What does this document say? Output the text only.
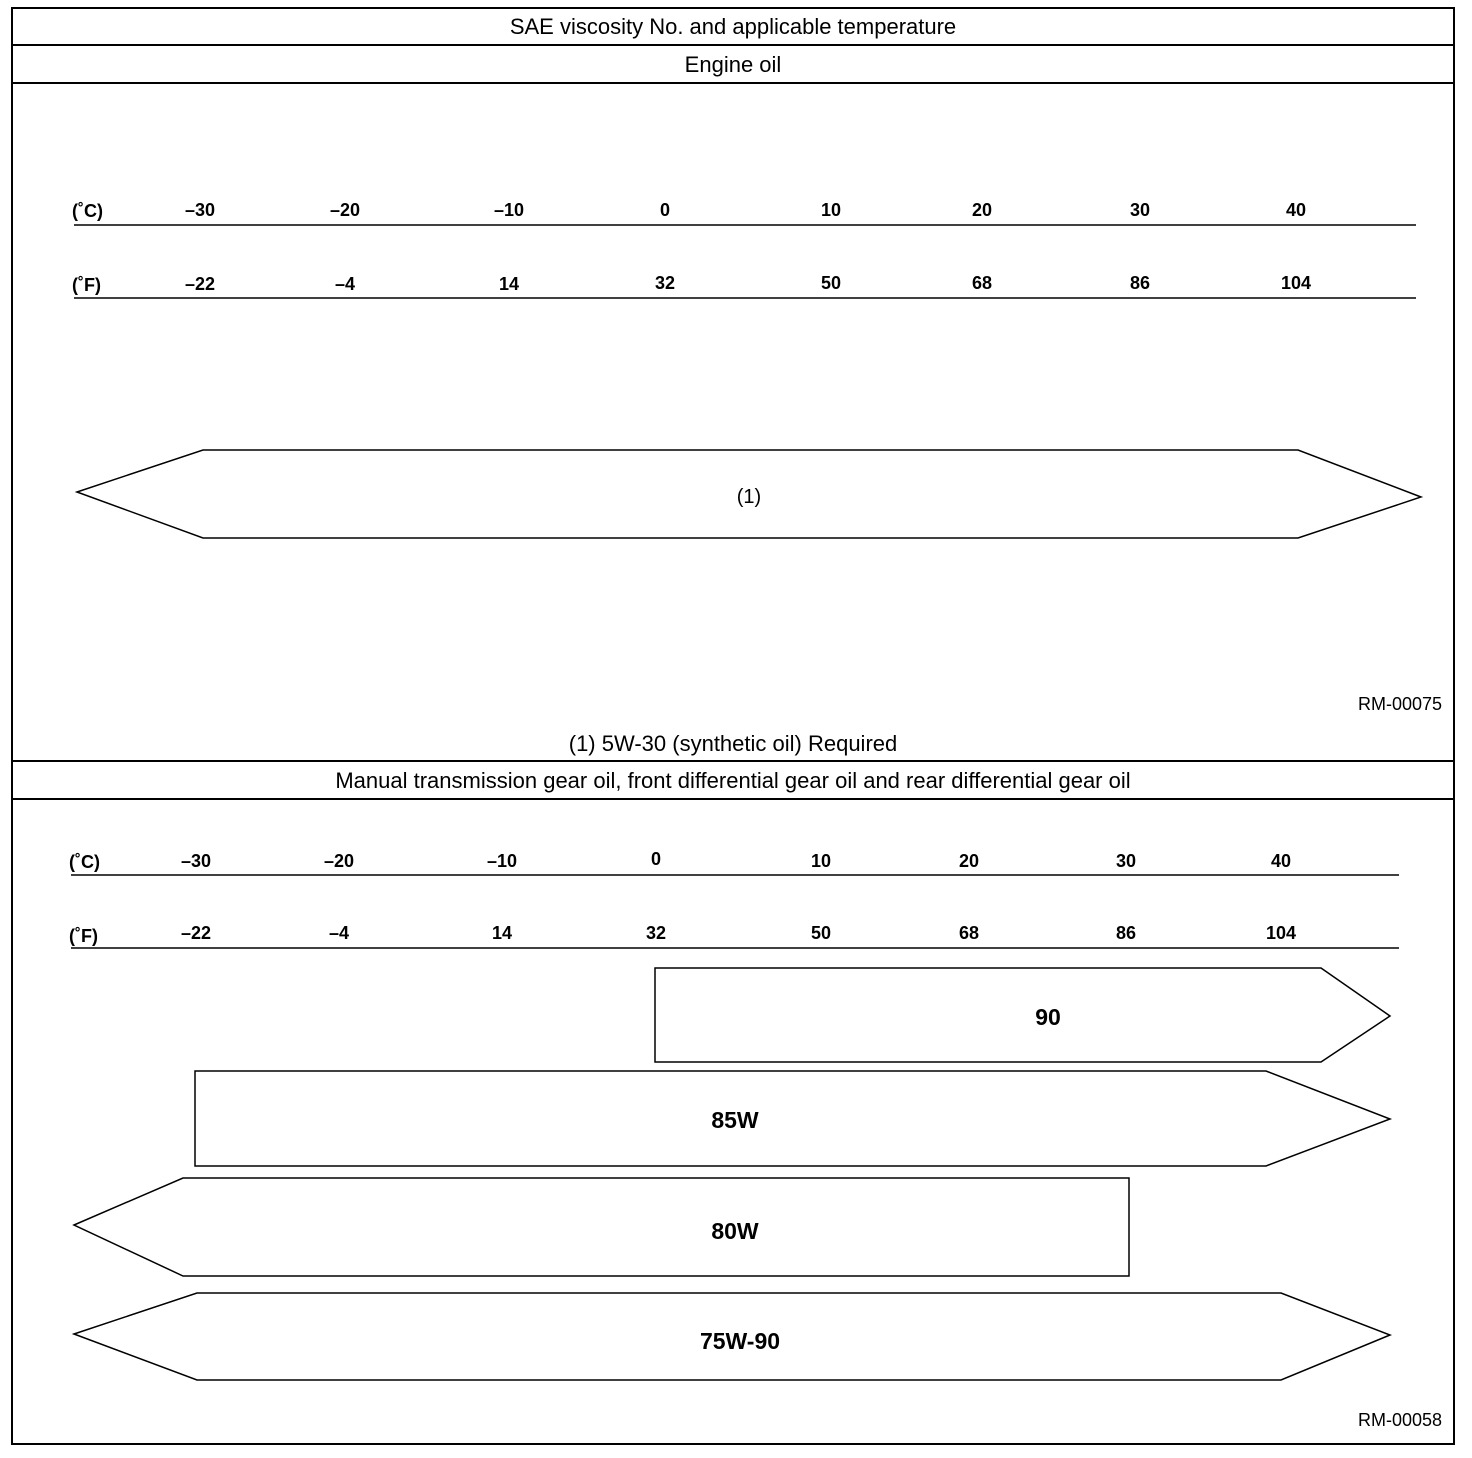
SAE viscosity No. and applicable temperature
Engine oil
(1) 5W-30 (synthetic oil) Required
Manual transmission gear oil, front differential gear oil and rear differential gear oil
(˚C)	–30	–20	–10	0	10	20	30	40
(˚F)	–22	–4	14	32	50	68	86	104
(1)
RM-00075
(˚C)	–30	–20	–10	0	10	20	30	40
(˚F)	–22	–4	14	32	50	68	86	104
90
85W
80W
75W-90
RM-00058
